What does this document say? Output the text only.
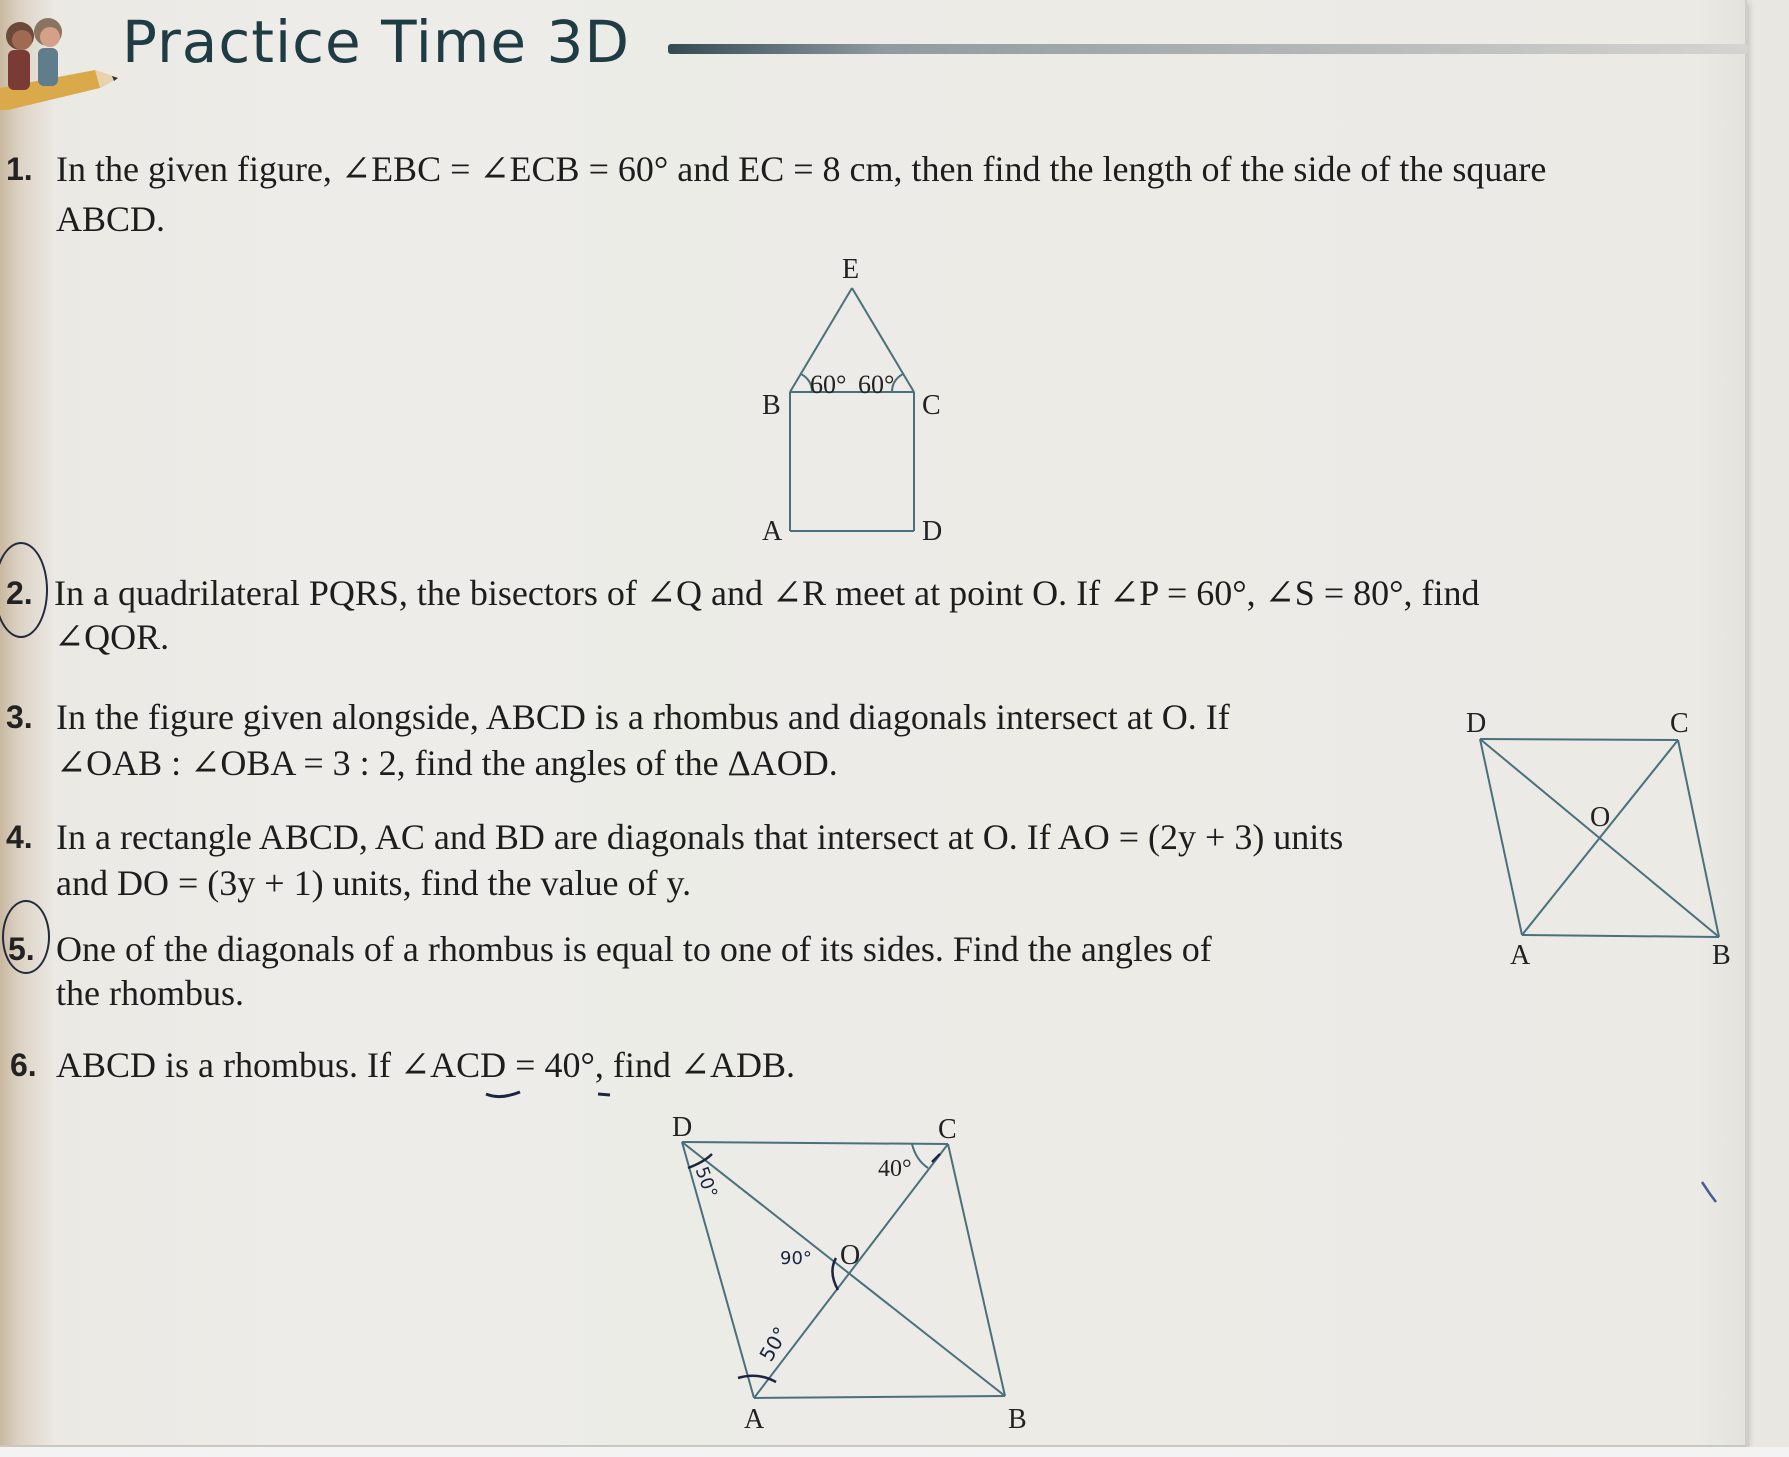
Practice Time 3D
1. In the given figure, ∠EBC = ∠ECB = 60° and EC = 8 cm, then find the length of the side of the square
ABCD.
E
B	C
A	D
60° 60°
2. In a quadrilateral PQRS, the bisectors of ∠Q and ∠R meet at point O. If ∠P = 60°, ∠S = 80°, find
∠QOR.
3. In the figure given alongside, ABCD is a rhombus and diagonals intersect at O. If
∠OAB : ∠OBA = 3 : 2, find the angles of the ΔAOD.
D	C
O
A	B
4. In a rectangle ABCD, AC and BD are diagonals that intersect at O. If AO = (2y + 3) units
and DO = (3y + 1) units, find the value of y.
5. One of the diagonals of a rhombus is equal to one of its sides. Find the angles of
the rhombus.
6. ABCD is a rhombus. If ∠ACD = 40°, find ∠ADB.
D	C
O
A	B
40°
50°
90°
50°
